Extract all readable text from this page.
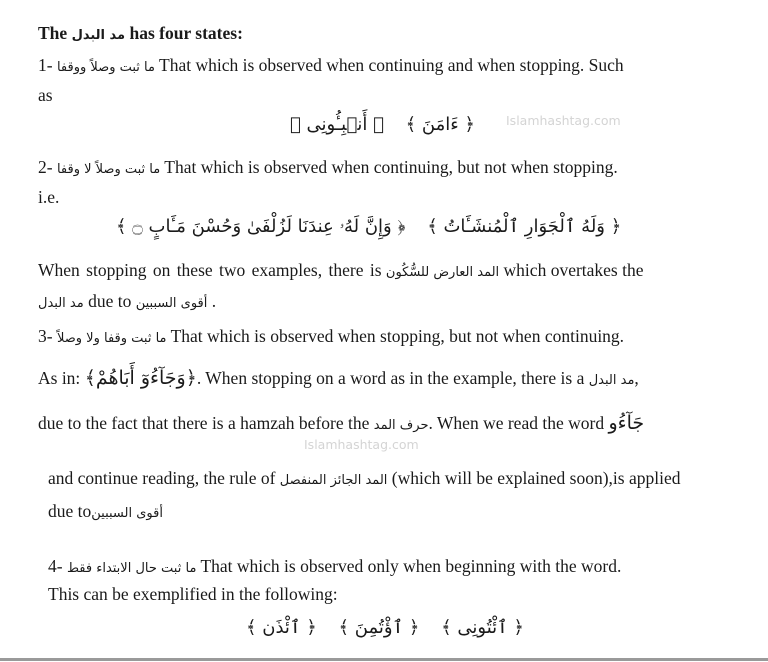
The مد البدل has four states:
1- ما ثبت وصلاً ووقفا That which is observed when continuing and when stopping. Such
as
﴿ ءَامَنَ ﴾ ﴿ أَنۢبِـُٔونِى ﴾	Islamhashtag.com
2- ما ثبت وصلاً لا وقفا That which is observed when continuing, but not when stopping.
i.e.
﴿ وَلَهُ ٱلْجَوَارِ ٱلْمُنشَـَٔاتُ ﴾ ﴿ وَإِنَّ لَهُۥ عِندَنَا لَزُلْفَىٰ وَحُسْنَ مَـَٔابٍ ۝ ﴾
When stopping on these two examples, there is المد العارض للسُّكُون which overtakes the
مد البدل due to أقوى السببين .
3- ما ثبت وقفا ولا وصلاً That which is observed when stopping, but not when continuing.
As in: ﴿وَجَآءُوٓ أَبَاهُمْ﴾. When stopping on a word as in the example, there is a مد البدل,
due to the fact that there is a hamzah before the حرف المد. When we read the word جَآءُو
Islamhashtag.com
and continue reading, the rule of المد الجائز المنفصل (which will be explained soon),is applied
due toأقوى السببين
4- ما ثبت حال الابتداء فقط That which is observed only when beginning with the word.
This can be exemplified in the following:
﴿ ٱئْتُونِى ﴾ ﴿ ٱؤْتُمِنَ ﴾ ﴿ ٱئْذَن ﴾
